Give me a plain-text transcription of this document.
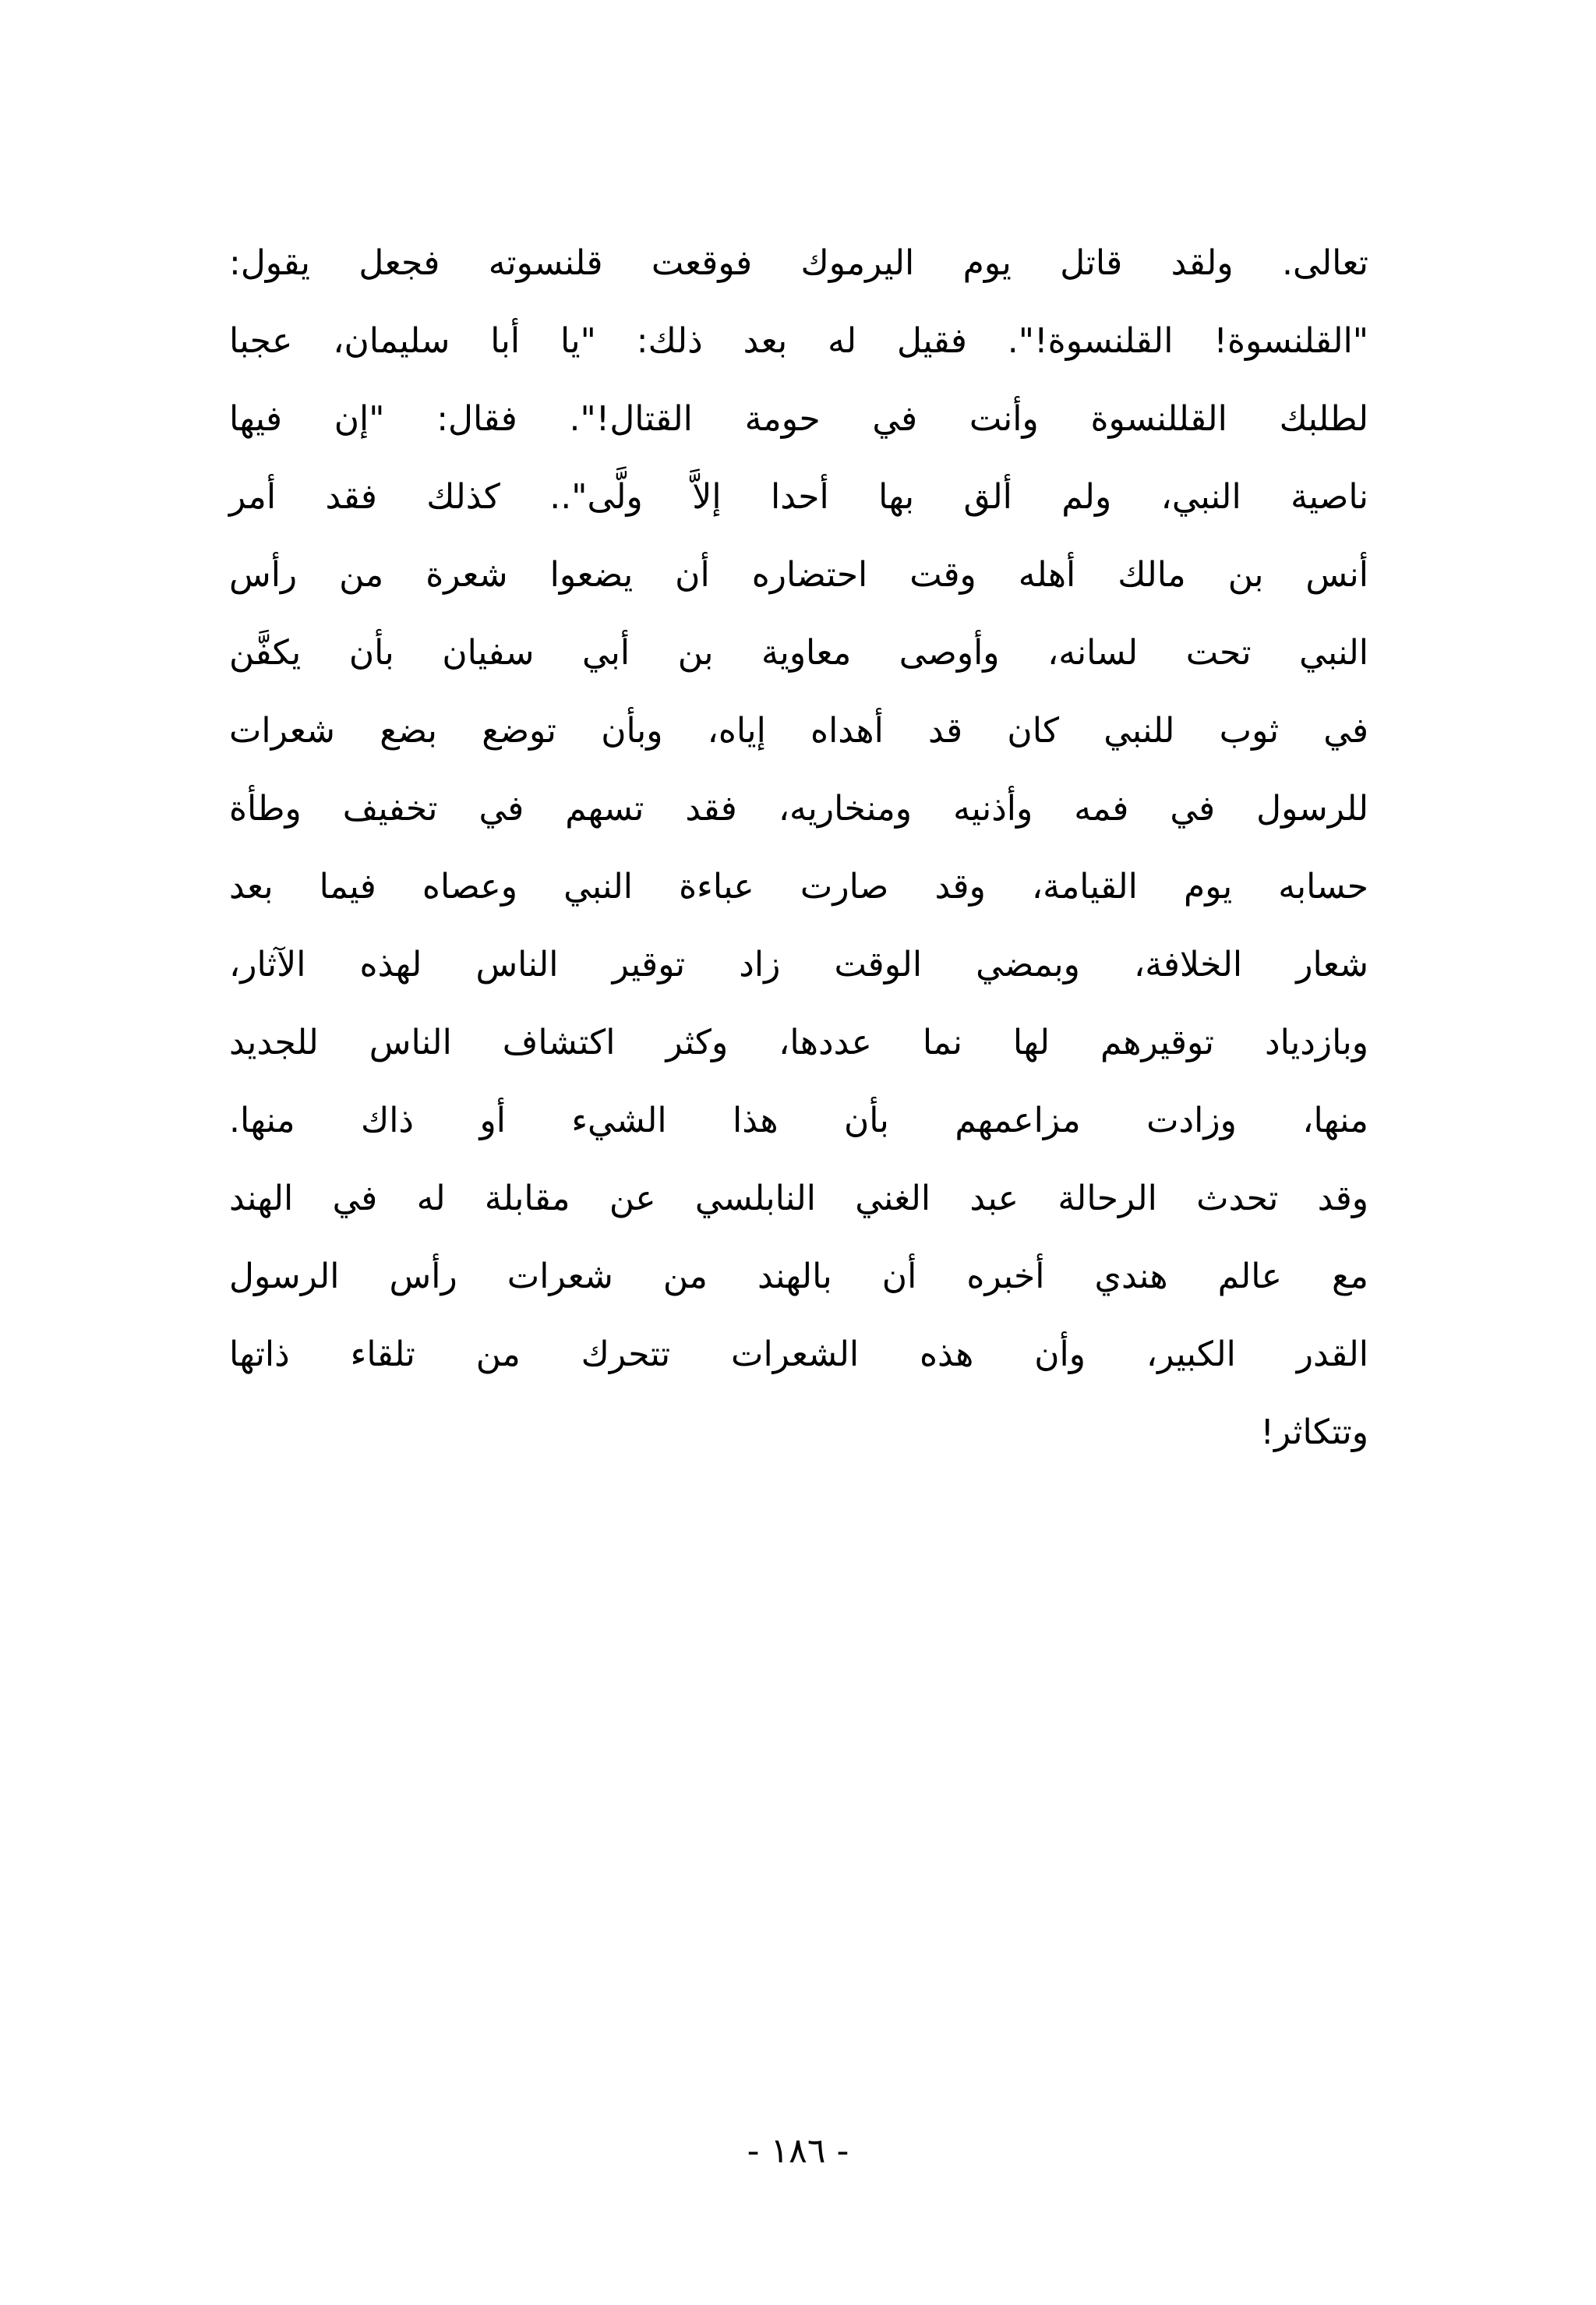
تعالى. ولقد قاتل يوم اليرموك فوقعت قلنسوته فجعل يقول:
"القلنسوة! القلنسوة!". فقيل له بعد ذلك: "يا أبا سليمان، عجبا
لطلبك القللنسوة وأنت في حومة القتال!". فقال: "إن فيها
ناصية النبي، ولم ألق بها أحدا إلاَّ ولَّى".. كذلك فقد أمر
أنس بن مالك أهله وقت احتضاره أن يضعوا شعرة من رأس
النبي تحت لسانه، وأوصى معاوية بن أبي سفيان بأن يكفَّن
في ثوب للنبي كان قد أهداه إياه، وبأن توضع بضع شعرات
للرسول في فمه وأذنيه ومنخاريه، فقد تسهم في تخفيف وطأة
حسابه يوم القيامة، وقد صارت عباءة النبي وعصاه فيما بعد
شعار الخلافة، وبمضي الوقت زاد توقير الناس لهذه الآثار،
وبازدياد توقيرهم لها نما عددها، وكثر اكتشاف الناس للجديد
منها، وزادت مزاعمهم بأن هذا الشيء أو ذاك منها.
وقد تحدث الرحالة عبد الغني النابلسي عن مقابلة له في الهند
مع عالم هندي أخبره أن بالهند من شعرات رأس الرسول
القدر الكبير، وأن هذه الشعرات تتحرك من تلقاء ذاتها
وتتكاثر!
- ١٨٦ -
